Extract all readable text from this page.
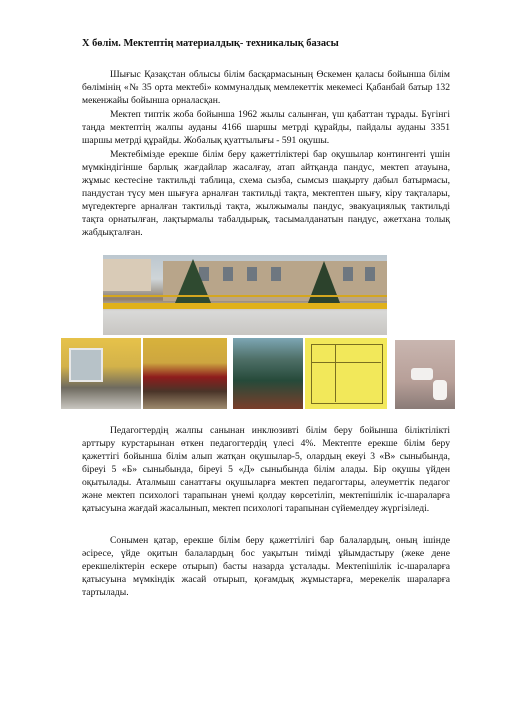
X бөлім. Мектептің материалдық- техникалық базасы
Шығыс Қазақстан облысы білім басқармасының Өскемен қаласы бойынша білім бөлімінің «№ 35 орта мектебі» коммуналдық мемлекеттік мекемесі Қабанбай батыр 132 мекенжайы бойынша орналасқан.
Мектеп типтік жоба бойынша 1962 жылы салынған, үш қабаттан тұрады. Бүгінгі таңда мектептің жалпы ауданы 4166 шаршы метрді құрайды, пайдалы ауданы 3351 шаршы метрді құрайды. Жобалық қуаттылығы - 591 оқушы.
Мектебімізде ерекше білім беру қажеттіліктері бар оқушылар контингенті үшін мүмкіндігінше барлық жағдайлар жасалғау, атап айтқанда пандус, мектеп атауына, жұмыс кестесіне тактильді таблица, схема сызба, сымсыз шақырту дабыл батырмасы, пандустан түсу мен шығуға арналған тактильді тақта, мектептен шығу, кіру тақталары, мүгедектерге арналған тактильді тақта, жылжымалы пандус, эвакуациялық тактильді тақта орнатылған, лақтырмалы табалдырық, тасымалданатын пандус, әжетхана толық жабдықталған.
Педагогтердің жалпы санынан инклюзивті білім беру бойынша біліктілікті арттыру курстарынан өткен педагогтердің үлесі 4%. Мектепте ерекше білім беру қажеттігі бойынша білім алып жатқан оқушылар-5, олардың екеуі 3 «В» сыныбында, біреуі 5 «Б» сыныбында, біреуі 5 «Д» сыныбында білім алады. Бір оқушы үйден оқытылады. Аталмыш санаттағы оқушыларға мектеп педагогтары, әлеуметтік педагог және мектеп психологі тарапынан үнемі қолдау көрсетіліп, мектепішілік іс-шараларға қатысуына жағдай жасалынып, мектеп психологі тарапынан сүйемелдеу жүргізіледі.
Сонымен қатар, ерекше білім беру қажеттілігі бар балалардың, оның ішінде әсіресе, үйде оқитын балалардың бос уақытын тиімді ұйымдастыру (жеке дене ерекшеліктерін ескере отырып) басты назарда ұсталады. Мектепішілік іс-шараларға қатысуына мүмкіндік жасай отырып, қоғамдық жұмыстарға, мерекелік шараларға тартылады.
